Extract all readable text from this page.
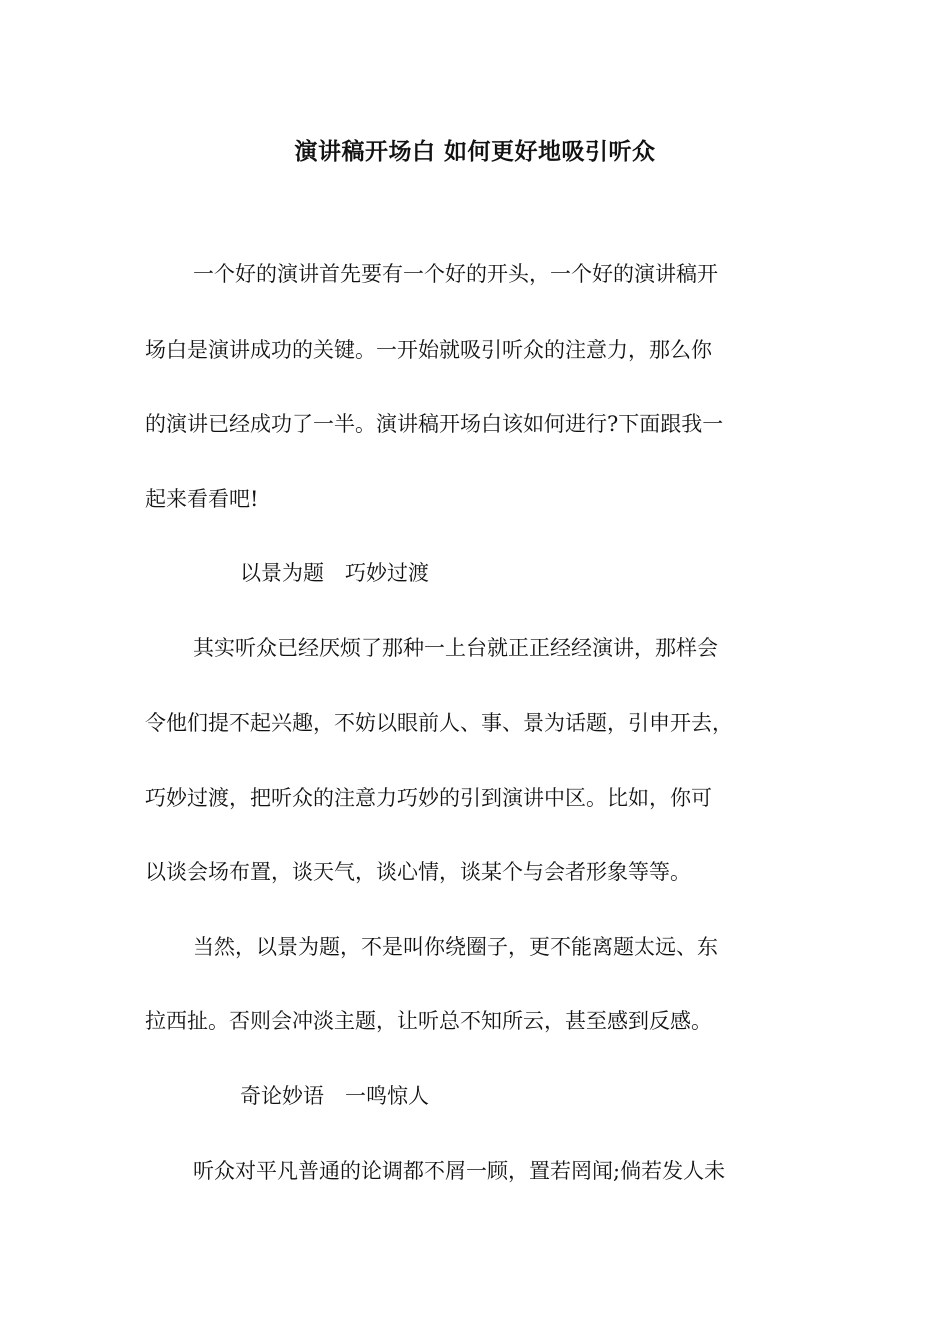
演讲稿开场白 如何更好地吸引听众
一个好的演讲首先要有一个好的开头，一个好的演讲稿开
场白是演讲成功的关键。一开始就吸引听众的注意力，那么你
的演讲已经成功了一半。演讲稿开场白该如何进行?下面跟我一
起来看看吧!
以景为题　巧妙过渡
其实听众已经厌烦了那种一上台就正正经经演讲，那样会
令他们提不起兴趣，不妨以眼前人、事、景为话题，引申开去，
巧妙过渡，把听众的注意力巧妙的引到演讲中区。比如，你可
以谈会场布置，谈天气，谈心情，谈某个与会者形象等等。
当然，以景为题，不是叫你绕圈子，更不能离题太远、东
拉西扯。否则会冲淡主题，让听总不知所云，甚至感到反感。
奇论妙语　一鸣惊人
听众对平凡普通的论调都不屑一顾，置若罔闻;倘若发人未
